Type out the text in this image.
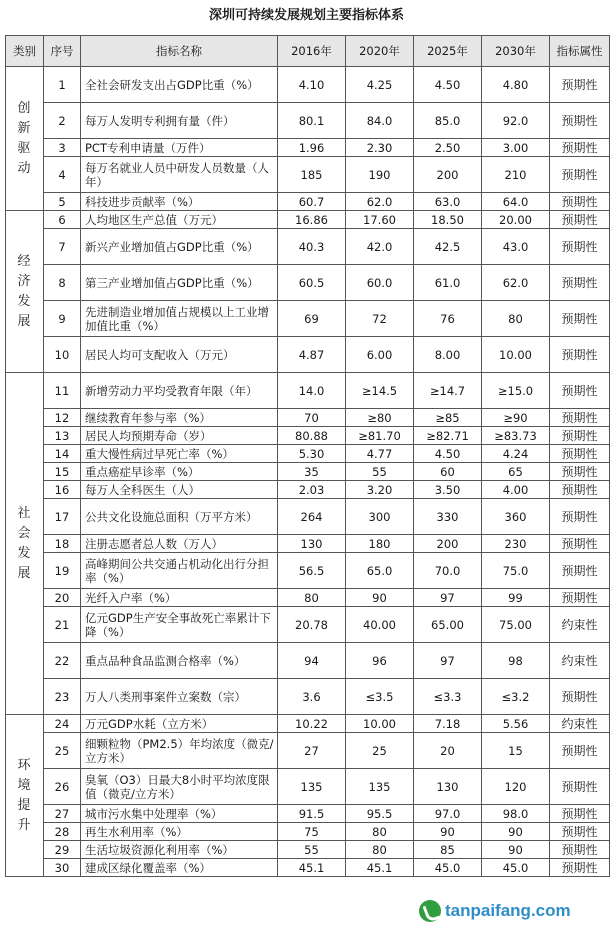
深圳可持续发展规划主要指标体系
类别	序号	指标名称	2016年	2020年	2025年	2030年	指标属性
创
新
驱
动	1	全社会研发支出占GDP比重（%）	4.10	4.25	4.50	4.80	预期性
	2	每万人发明专利拥有量（件）	80.1	84.0	85.0	92.0	预期性
	3	PCT专利申请量（万件）	1.96	2.30	2.50	3.00	预期性
	4	每万名就业人员中研发人员数量（人年）	185	190	200	210	预期性
	5	科技进步贡献率（%）	60.7	62.0	63.0	64.0	预期性
经
济
发
展	6	人均地区生产总值（万元）	16.86	17.60	18.50	20.00	预期性
	7	新兴产业增加值占GDP比重（%）	40.3	42.0	42.5	43.0	预期性
	8	第三产业增加值占GDP比重（%）	60.5	60.0	61.0	62.0	预期性
	9	先进制造业增加值占规模以上工业增加值比重（%）	69	72	76	80	预期性
	10	居民人均可支配收入（万元）	4.87	6.00	8.00	10.00	预期性
社
会
发
展	11	新增劳动力平均受教育年限（年）	14.0	≥14.5	≥14.7	≥15.0	预期性
	12	继续教育年参与率（%）	70	≥80	≥85	≥90	预期性
	13	居民人均预期寿命（岁）	80.88	≥81.70	≥82.71	≥83.73	预期性
	14	重大慢性病过早死亡率（%）	5.30	4.77	4.50	4.24	预期性
	15	重点癌症早诊率（%）	35	55	60	65	预期性
	16	每万人全科医生（人）	2.03	3.20	3.50	4.00	预期性
	17	公共文化设施总面积（万平方米）	264	300	330	360	预期性
	18	注册志愿者总人数（万人）	130	180	200	230	预期性
	19	高峰期间公共交通占机动化出行分担率（%）	56.5	65.0	70.0	75.0	预期性
	20	光纤入户率（%）	80	90	97	99	预期性
	21	亿元GDP生产安全事故死亡率累计下降（%）	20.78	40.00	65.00	75.00	约束性
	22	重点品种食品监测合格率（%）	94	96	97	98	约束性
	23	万人八类刑事案件立案数（宗）	3.6	≤3.5	≤3.3	≤3.2	预期性
环
境
提
升	24	万元GDP水耗（立方米）	10.22	10.00	7.18	5.56	约束性
	25	细颗粒物（PM2.5）年均浓度（微克/立方米）	27	25	20	15	预期性
	26	臭氧（O3）日最大8小时平均浓度限值（微克/立方米）	135	135	130	120	预期性
	27	城市污水集中处理率（%）	91.5	95.5	97.0	98.0	预期性
	28	再生水利用率（%）	75	80	90	90	预期性
	29	生活垃圾资源化利用率（%）	55	80	85	90	预期性
	30	建成区绿化覆盖率（%）	45.1	45.1	45.0	45.0	预期性
tanpaifang.com
